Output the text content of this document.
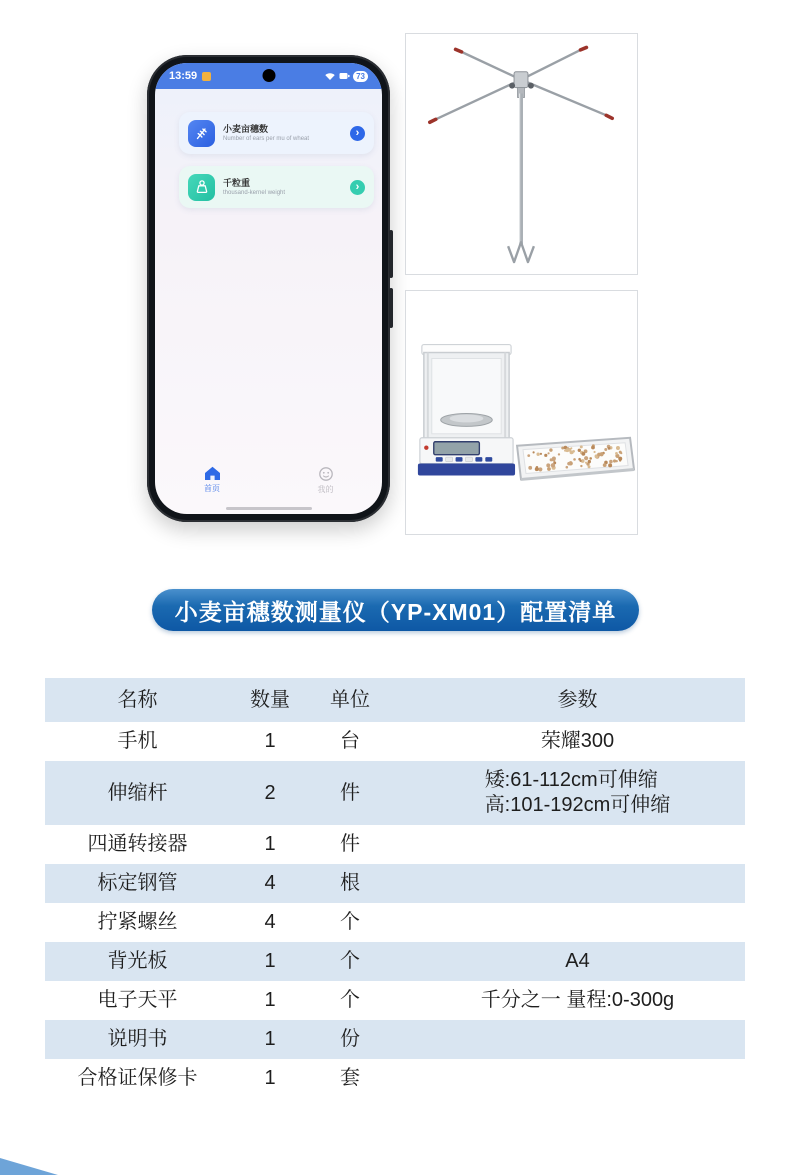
13:59	73
小麦亩穗数
Number of ears per mu of wheat
›
千粒重
thousand-kernel weight
›
首页	我的
小麦亩穗数测量仪（YP-XM01）配置清单
名称	数量	单位	参数
手机	1	台	荣耀300
伸缩杆	2	件
矮:61-112cm可伸缩
高:101-192cm可伸缩
四通转接器	1	件
标定钢管	4	根
拧紧螺丝	4	个
背光板	1	个	A4
电子天平	1	个	千分之一 量程:0-300g
说明书	1	份
合格证保修卡	1	套
